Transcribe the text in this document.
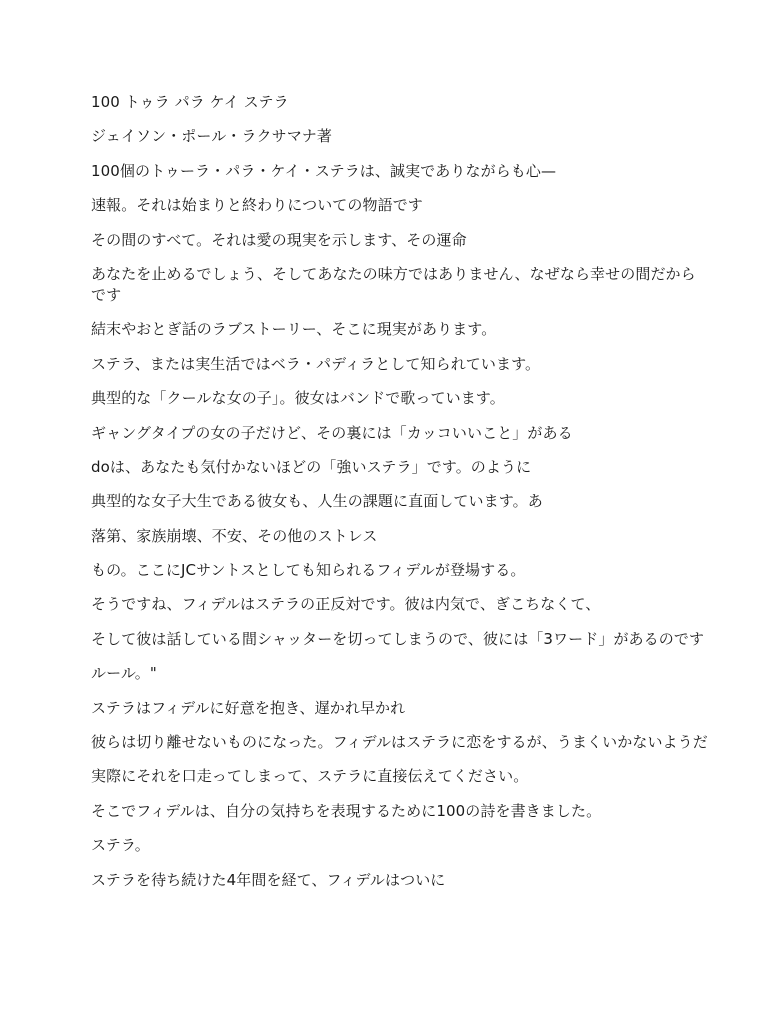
100 トゥラ パラ ケイ ステラ

ジェイソン・ポール・ラクサマナ著

100個のトゥーラ・パラ・ケイ・ステラは、誠実でありながらも心—

速報。それは始まりと終わりについての物語です

その間のすべて。それは愛の現実を示します、その運命

あなたを止めるでしょう、そしてあなたの味方ではありません、なぜなら幸せの間だからです

結末やおとぎ話のラブストーリー、そこに現実があります。

ステラ、または実生活ではベラ・パディラとして知られています。

典型的な「クールな女の子」。彼女はバンドで歌っています。

ギャングタイプの女の子だけど、その裏には「カッコいいこと」がある

doは、あなたも気付かないほどの「強いステラ」です。のように

典型的な女子大生である彼女も、人生の課題に直面しています。あ

落第、家族崩壊、不安、その他のストレス

もの。ここにJCサントスとしても知られるフィデルが登場する。

そうですね、フィデルはステラの正反対です。彼は内気で、ぎこちなくて、

そして彼は話している間シャッターを切ってしまうので、彼には「3ワード」があるのです

ルール。"

ステラはフィデルに好意を抱き、遅かれ早かれ

彼らは切り離せないものになった。フィデルはステラに恋をするが、うまくいかないようだ

実際にそれを口走ってしまって、ステラに直接伝えてください。

そこでフィデルは、自分の気持ちを表現するために100の詩を書きました。

ステラ。

ステラを待ち続けた4年間を経て、フィデルはついに
